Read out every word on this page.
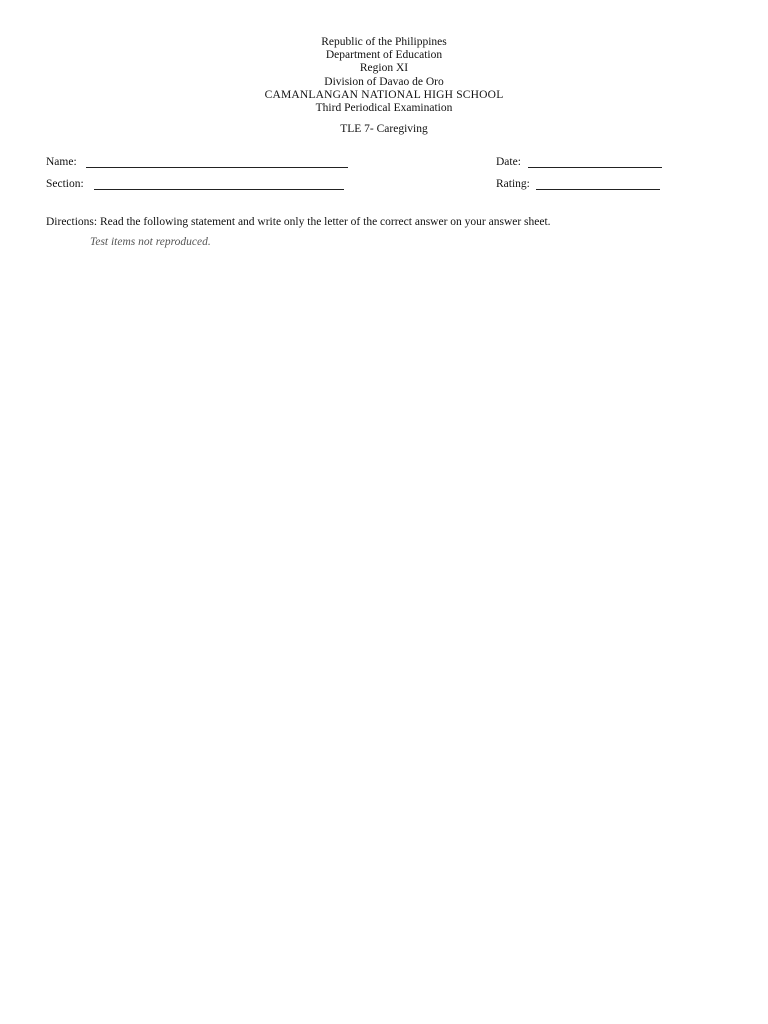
Republic of the Philippines
Department of Education
Region XI
Division of Davao de Oro
CAMANLANGAN NATIONAL HIGH SCHOOL
Third Periodical Examination
TLE 7- Caregiving
Name:	Date:
Section:	Rating:
Directions: Read the following statement and write only the letter of the correct answer on your answer sheet.
Test items not reproduced.
